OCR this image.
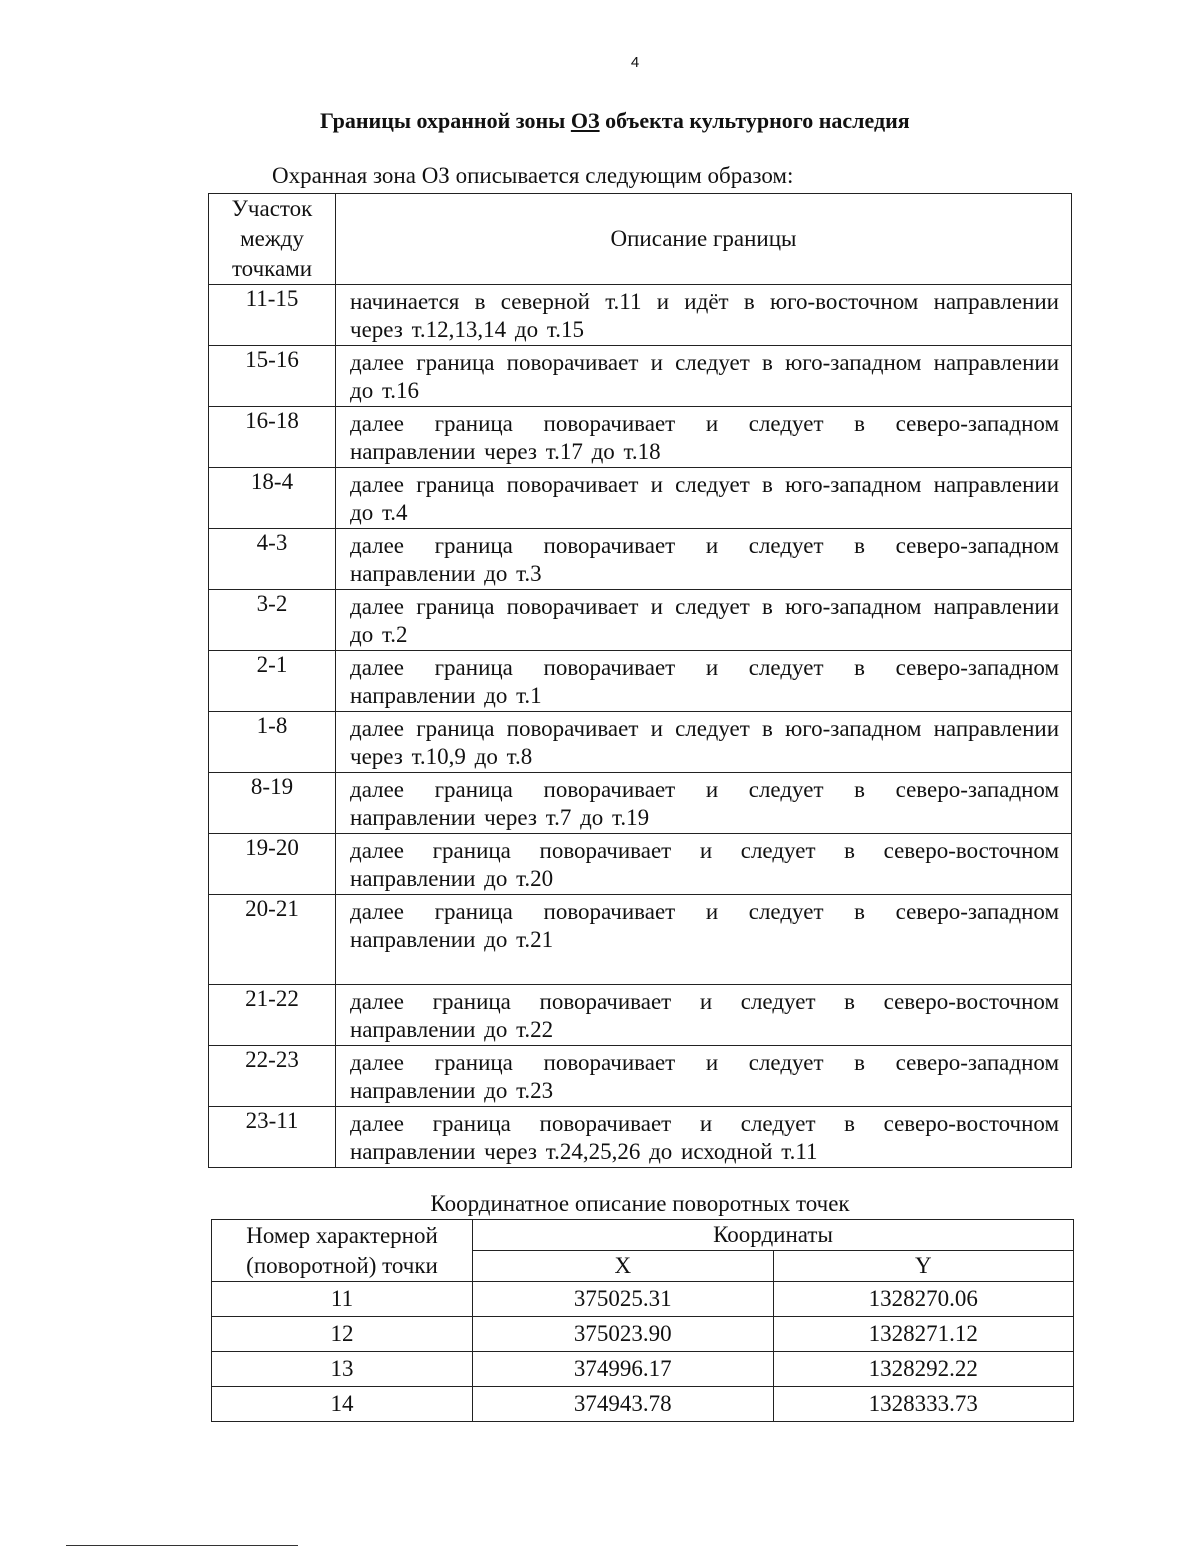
4
Границы охранной зоны ОЗ объекта культурного наследия
Охранная зона ОЗ описывается следующим образом:
Участок между точками	Описание границы
11-15	начинается в северной т.11 и идёт в юго-восточном направлении через т.12,13,14 до т.15
15-16	далее граница поворачивает и следует в юго-западном направлении до т.16
16-18	далее граница поворачивает и следует в северо-западном направлении через т.17 до т.18
18-4	далее граница поворачивает и следует в юго-западном направлении до т.4
4-3	далее граница поворачивает и следует в северо-западном направлении до т.3
3-2	далее граница поворачивает и следует в юго-западном направлении до т.2
2-1	далее граница поворачивает и следует в северо-западном направлении до т.1
1-8	далее граница поворачивает и следует в юго-западном направлении через т.10,9 до т.8
8-19	далее граница поворачивает и следует в северо-западном направлении через т.7 до т.19
19-20	далее граница поворачивает и следует в северо-восточном направлении до т.20
20-21	далее граница поворачивает и следует в северо-западном направлении до т.21
21-22	далее граница поворачивает и следует в северо-восточном направлении до т.22
22-23	далее граница поворачивает и следует в северо-западном направлении до т.23
23-11	далее граница поворачивает и следует в северо-восточном направлении через т.24,25,26 до исходной т.11
Координатное описание поворотных точек
Номер характерной (поворотной) точки	Координаты	
	X	Y
11	375025.31	1328270.06
12	375023.90	1328271.12
13	374996.17	1328292.22
14	374943.78	1328333.73
